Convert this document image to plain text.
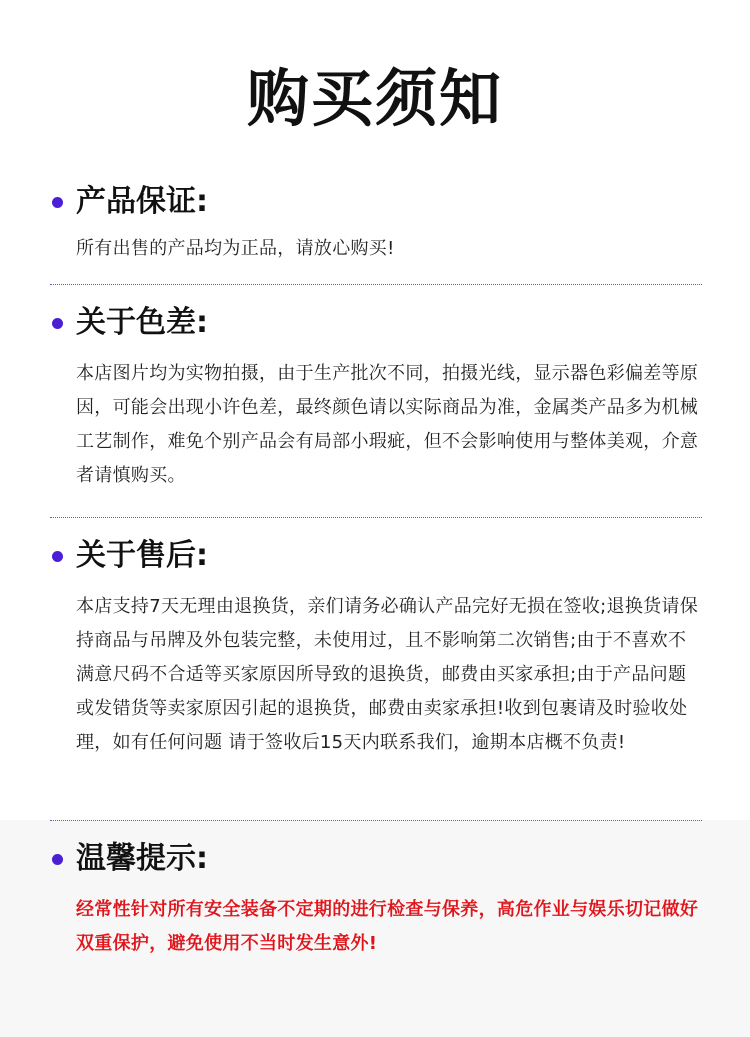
购买须知
产品保证:
所有出售的产品均为正品，请放心购买!
关于色差:
本店图片均为实物拍摄，由于生产批次不同，拍摄光线，显示器色彩偏差等原因，可能会出现小许色差，最终颜色请以实际商品为准，金属类产品多为机械工艺制作，难免个别产品会有局部小瑕疵，但不会影响使用与整体美观，介意者请慎购买。
关于售后:
本店支持7天无理由退换货，亲们请务必确认产品完好无损在签收;退换货请保持商品与吊牌及外包装完整，未使用过，且不影响第二次销售;由于不喜欢不满意尺码不合适等买家原因所导致的退换货，邮费由买家承担;由于产品问题或发错货等卖家原因引起的退换货，邮费由卖家承担!收到包裹请及时验收处理，如有任何问题 请于签收后15天内联系我们，逾期本店概不负责!
温馨提示:
经常性针对所有安全装备不定期的进行检查与保养，高危作业与娱乐切记做好双重保护，避免使用不当时发生意外!
